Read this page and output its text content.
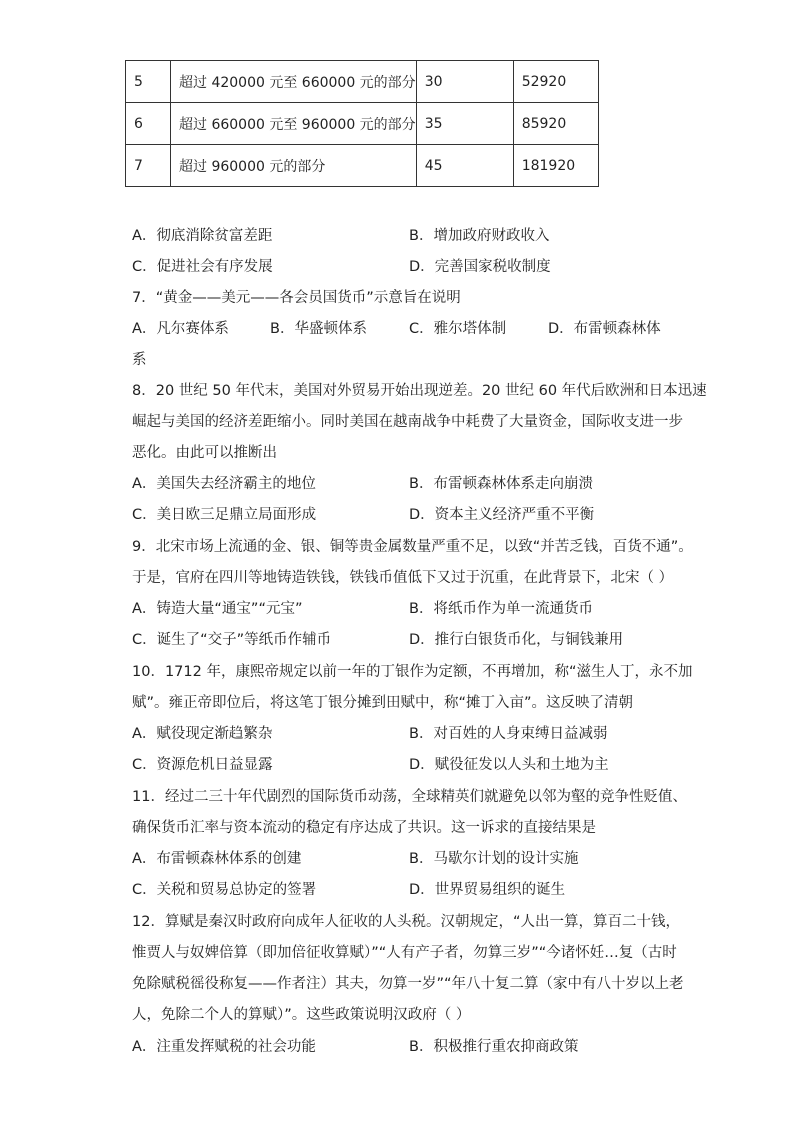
5	超过 420000 元至 660000 元的部分	30	52920
6	超过 660000 元至 960000 元的部分	35	85920
7	超过 960000 元的部分	45	181920
A．彻底消除贫富差距	B．增加政府财政收入
C．促进社会有序发展	D．完善国家税收制度
7．“黄金——美元——各会员国货币”示意旨在说明
A．凡尔赛体系	B．华盛顿体系	C．雅尔塔体制	D．布雷顿森林体
系
8．20 世纪 50 年代末，美国对外贸易开始出现逆差。20 世纪 60 年代后欧洲和日本迅速
崛起与美国的经济差距缩小。同时美国在越南战争中耗费了大量资金，国际收支进一步
恶化。由此可以推断出
A．美国失去经济霸主的地位	B．布雷顿森林体系走向崩溃
C．美日欧三足鼎立局面形成	D．资本主义经济严重不平衡
9．北宋市场上流通的金、银、铜等贵金属数量严重不足，以致“并苦乏钱，百货不通”。
于是，官府在四川等地铸造铁钱，铁钱币值低下又过于沉重，在此背景下，北宋（ ）
A．铸造大量“通宝”“元宝”	B．将纸币作为单一流通货币
C．诞生了“交子”等纸币作辅币	D．推行白银货币化，与铜钱兼用
10．1712 年，康熙帝规定以前一年的丁银作为定额，不再增加，称“滋生人丁，永不加
赋”。雍正帝即位后，将这笔丁银分摊到田赋中，称“摊丁入亩”。这反映了清朝
A．赋役现定渐趋繁杂	B．对百姓的人身束缚日益减弱
C．资源危机日益显露	D．赋役征发以人头和土地为主
11．经过二三十年代剧烈的国际货币动荡，全球精英们就避免以邻为壑的竞争性贬值、
确保货币汇率与资本流动的稳定有序达成了共识。这一诉求的直接结果是
A．布雷顿森林体系的创建	B．马歇尔计划的设计实施
C．关税和贸易总协定的签署	D．世界贸易组织的诞生
12．算赋是秦汉时政府向成年人征收的人头税。汉朝规定，“人出一算，算百二十钱，
惟贾人与奴婢倍算（即加倍征收算赋）”“人有产子者，勿算三岁”“今诸怀妊…复（古时
免除赋税徭役称复——作者注）其夫，勿算一岁”“年八十复二算（家中有八十岁以上老
人，免除二个人的算赋）”。这些政策说明汉政府（ ）
A．注重发挥赋税的社会功能	B．积极推行重农抑商政策
